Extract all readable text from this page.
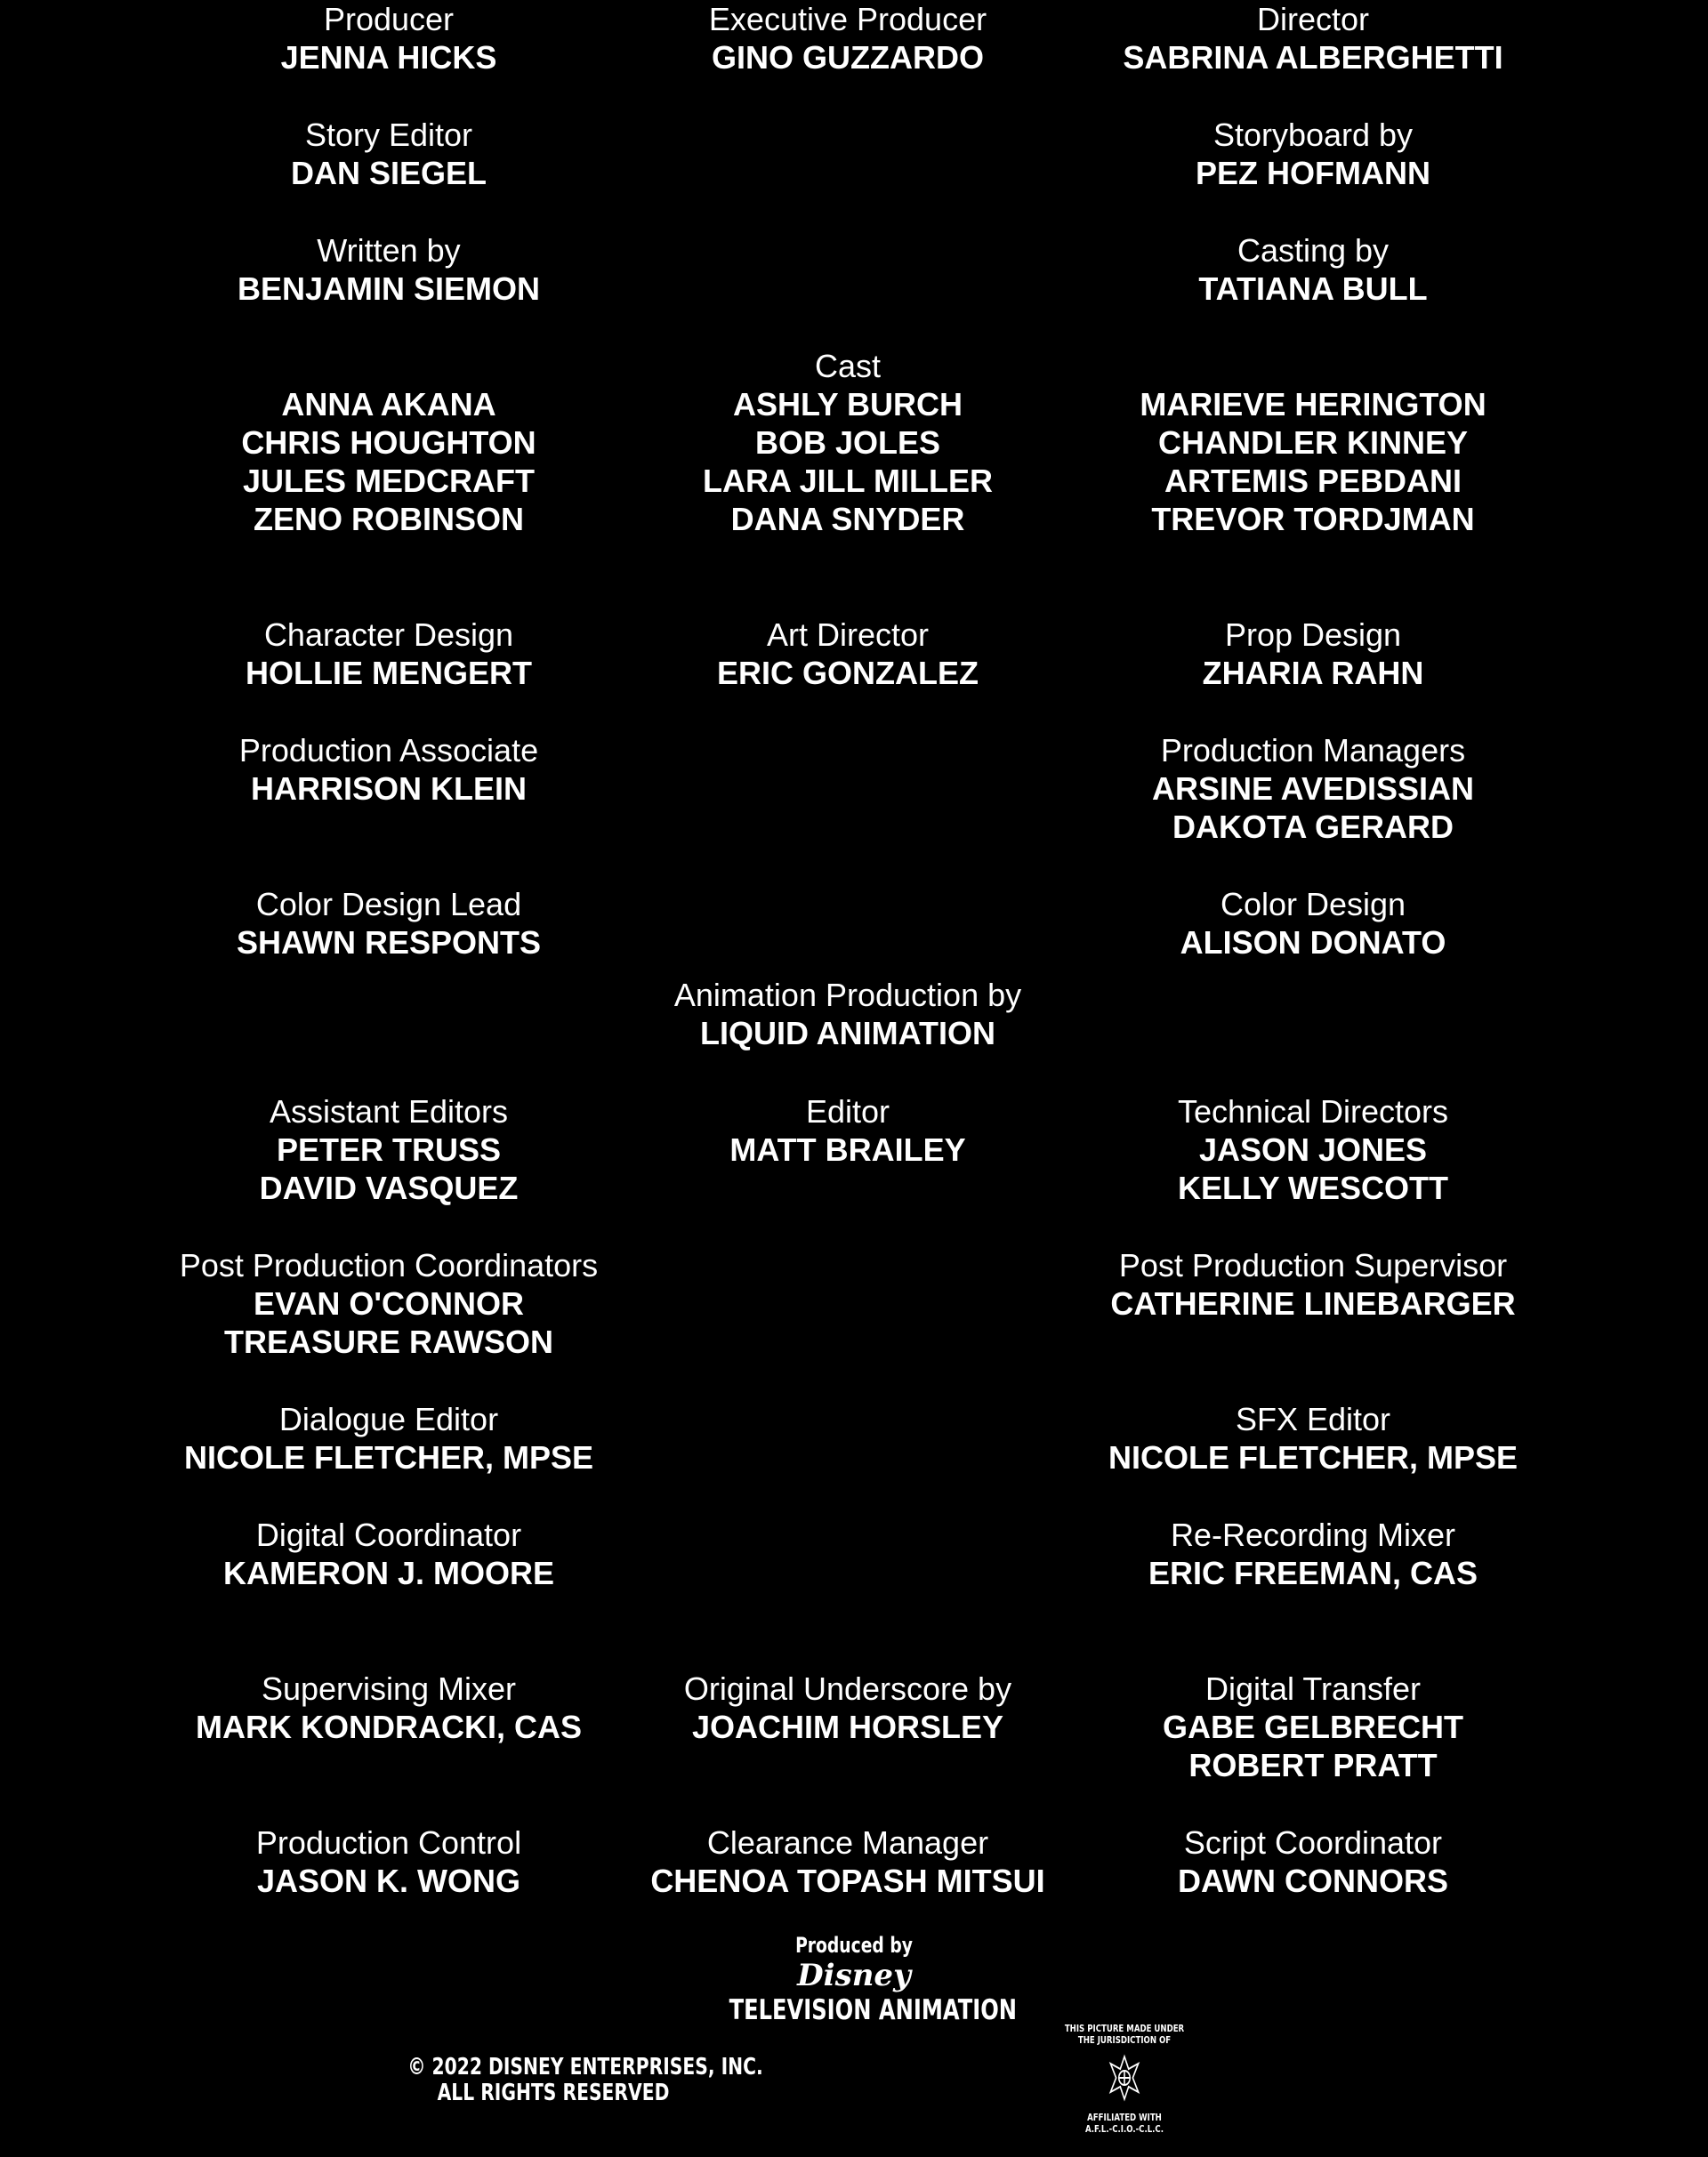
Producer
JENNA HICKS
Executive Producer
GINO GUZZARDO
Director
SABRINA ALBERGHETTI
Story Editor
DAN SIEGEL
Storyboard by
PEZ HOFMANN
Written by
BENJAMIN SIEMON
Casting by
TATIANA BULL
ANNA AKANA
CHRIS HOUGHTON
JULES MEDCRAFT
ZENO ROBINSON
Cast
ASHLY BURCH
BOB JOLES
LARA JILL MILLER
DANA SNYDER
MARIEVE HERINGTON
CHANDLER KINNEY
ARTEMIS PEBDANI
TREVOR TORDJMAN
Character Design
HOLLIE MENGERT
Art Director
ERIC GONZALEZ
Prop Design
ZHARIA RAHN
Production Associate
HARRISON KLEIN
Production Managers
ARSINE AVEDISSIAN
DAKOTA GERARD
Color Design Lead
SHAWN RESPONTS
Color Design
ALISON DONATO
Animation Production by
LIQUID ANIMATION
Assistant Editors
PETER TRUSS
DAVID VASQUEZ
Editor
MATT BRAILEY
Technical Directors
JASON JONES
KELLY WESCOTT
Post Production Coordinators
EVAN O'CONNOR
TREASURE RAWSON
Post Production Supervisor
CATHERINE LINEBARGER
Dialogue Editor
NICOLE FLETCHER, MPSE
SFX Editor
NICOLE FLETCHER, MPSE
Digital Coordinator
KAMERON J. MOORE
Re-Recording Mixer
ERIC FREEMAN, CAS
Supervising Mixer
MARK KONDRACKI, CAS
Original Underscore by
JOACHIM HORSLEY
Digital Transfer
GABE GELBRECHT
ROBERT PRATT
Production Control
JASON K. WONG
Clearance Manager
CHENOA TOPASH MITSUI
Script Coordinator
DAWN CONNORS
Produced by
Disney
TELEVISION ANIMATION
© 2022 DISNEY ENTERPRISES, INC.
ALL RIGHTS RESERVED
THIS PICTURE MADE UNDER
THE JURISDICTION OF
AFFILIATED WITH
A.F.L.-C.I.O.-C.L.C.
